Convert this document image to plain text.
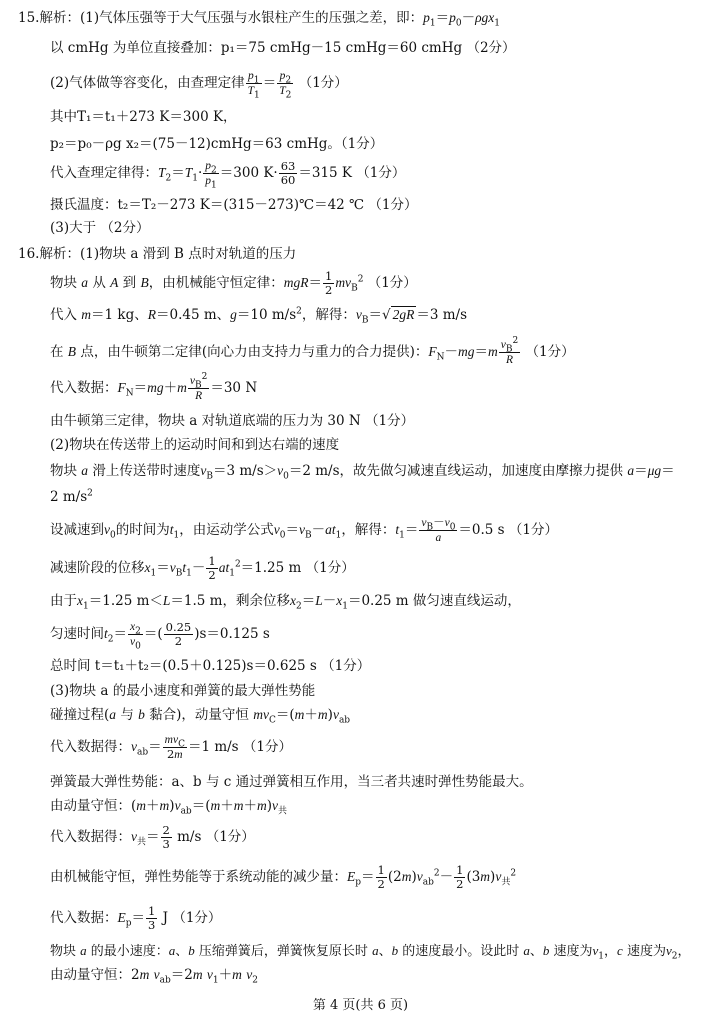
15.解析：(1)气体压强等于大气压强与水银柱产生的压强之差，即：$p_1=p_0-\rho gx_1$
以 cmHg 为单位直接叠加：p₁＝75 cmHg－15 cmHg＝60 cmHg （2分）
(2)气体做等容变化，由查理定律 $\frac{p_1}{T_1} = \frac{p_2}{T_2} (1$分）
其中T₁＝t₁＋273 K＝300 K，
p₂＝p₀－ρg x₂＝(75－12)cmHg＝63 cmHg。（1分）
代入查理定律得：$T_2=T_1\cdot \frac{p_2}{p_1} =300$ $K\cdot \frac{63}{60} =315$ K （1分）
摄氏温度：t₂＝T₂－273 K＝(315－273)℃＝42 ℃ （1分）
(3)大于 （2分）
16.解析：(1)物块 a 滑到 B 点时对轨道的压力
物块 a 从 A 到 B，由机械能守恒定律：$mgR= \frac{1}{2} mv_B^2$ （1分）
代入 m＝1 kg、R＝0.45 m、g＝10 $m/s^2$，解得：$v_B=√$ 2gR ＝3 m/s
在 B 点，由牛顿第二定律(向心力由支持力与重力的合力提供)：$F_N-mg=m \frac{v_B^2}{R} (1$分）
代入数据：$F_N=mg+m \frac{v_B^2}{R} =30$ N
由牛顿第三定律，物块 a 对轨道底端的压力为 30 N （1分）
(2)物块在传送带上的运动时间和到达右端的速度
物块 a 滑上传送带时速度$v_B=3$ $m/s>v_0=2$ m/s，故先做匀减速直线运动，加速度由摩擦力提供 a＝μg＝
2 $m/s^2$
设减速到$v_0$的时间为$t_1$，由运动学公式$v_0=v_B-at_1$，解得：$t_1= \frac{v_B-v_0}{a} =0.5$ s （1分）
减速阶段的位移$x_1=v_Bt_1- \frac{1}{2} at_1^2=1.25$ m （1分）
由于$x_1=1.25$ m＜L＝1.5 m，剩余位移$x_2=L-x_1=0.25$ m 做匀速直线运动，
匀速时间$t_2= \frac{x_2}{v_0}$ ＝( $\frac{0.25}{2} )s=0.125$ s
总时间 t＝t₁＋t₂＝(0.5＋0.125)s＝0.625 s （1分）
(3)物块 a 的最小速度和弹簧的最大弹性势能
碰撞过程(a 与 b 黏合)，动量守恒 $mv_C=(m+m)v_{ab}$
代入数据得：$v_{ab}= \frac{mv_C}{2m} =1$ m/s （1分）
弹簧最大弹性势能：a、b 与 c 通过弹簧相互作用，当三者共速时弹性势能最大。
由动量守恒：$(m+m)v_{ab}=(m+m+m)v_共$
代入数据得：$v_共= \frac{2}{3} m/s$ （1分）
由机械能守恒，弹性势能等于系统动能的减少量：$E_p= \frac{1}{2} (2m)v_{ab}^2- \frac{1}{2} (3m)v_共^2$
代入数据：$E_p= \frac{1}{3}$ J （1分）
物块 a 的最小速度：a、b 压缩弹簧后，弹簧恢复原长时 a、b 的速度最小。设此时 a、b 速度为$v_1$，c 速度为$v_2$，
由动量守恒：2m $v_{ab}=2m$ $v_1+m$ $v_2$
第 4 页(共 6 页)
